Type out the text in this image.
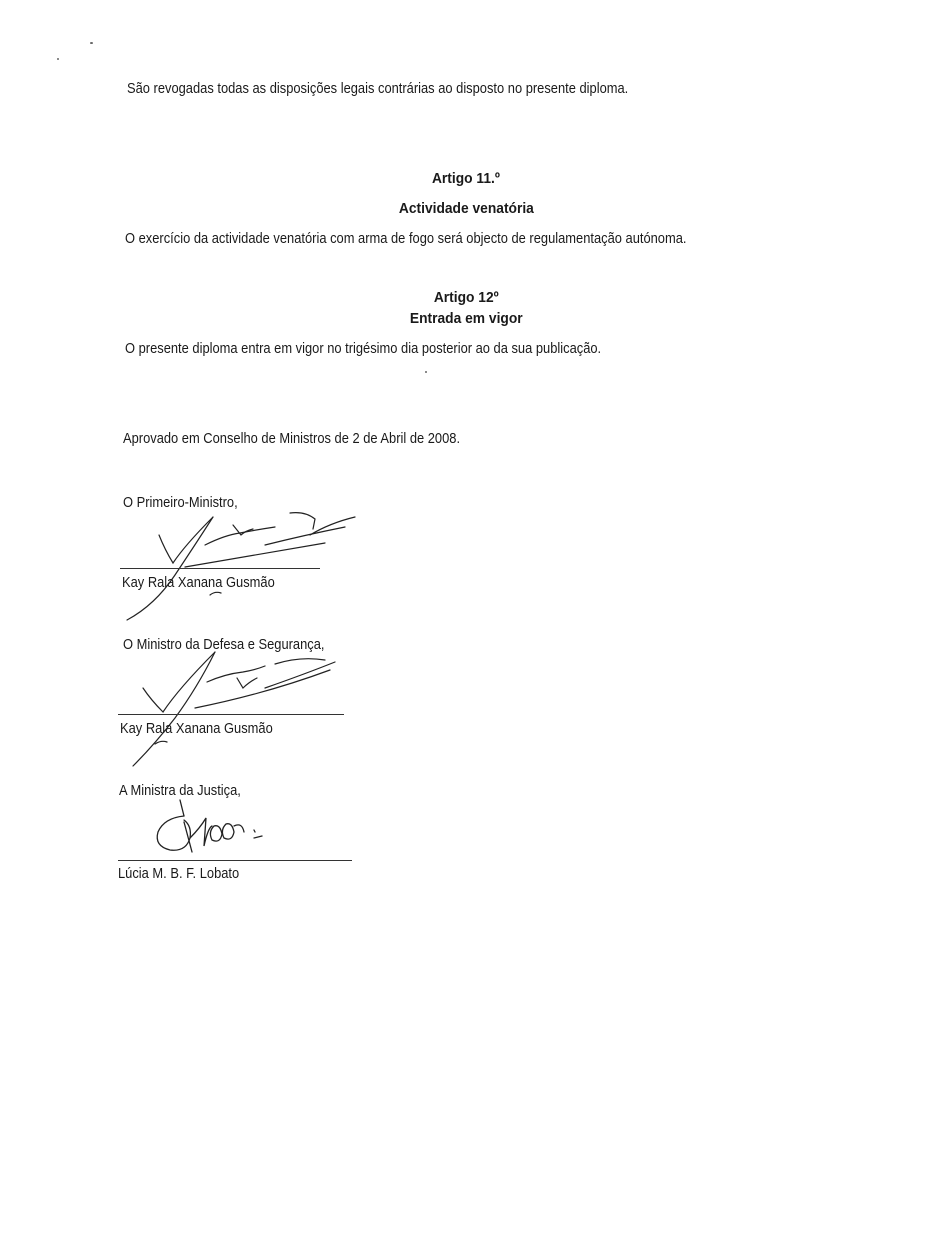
São revogadas todas as disposições legais contrárias ao disposto no presente diploma.
Artigo 11.º
Actividade venatória
O exercício da actividade venatória com arma de fogo será objecto de regulamentação autónoma.
Artigo 12º
Entrada em vigor
O presente diploma entra em vigor no trigésimo dia posterior ao da sua publicação.
Aprovado em Conselho de Ministros de 2 de Abril de 2008.
O Primeiro-Ministro,
Kay Rala Xanana Gusmão
O Ministro da Defesa e Segurança,
Kay Rala Xanana Gusmão
A Ministra da Justiça,
Lúcia M. B. F. Lobato
